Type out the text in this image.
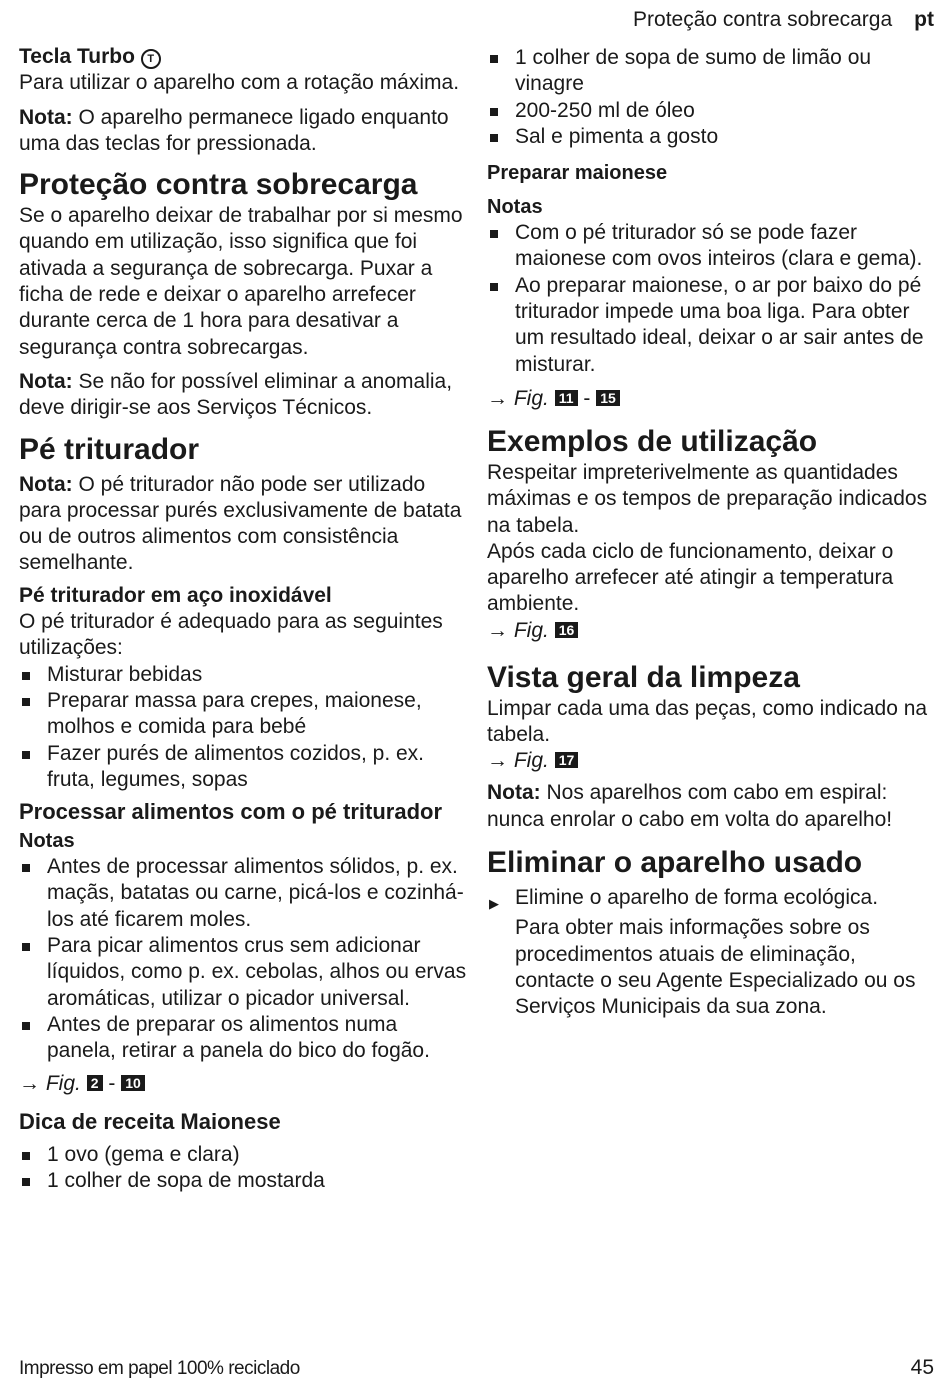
Proteção contra sobrecarga pt
Tecla Turbo T

Para utilizar o aparelho com a rotação máxima.

Nota: O aparelho permanece ligado enquanto uma das teclas for pressionada.

Proteção contra sobrecarga

Se o aparelho deixar de trabalhar por si mesmo quando em utilização, isso significa que foi ativada a segurança de sobrecarga. Puxar a ficha de rede e deixar o aparelho arrefecer durante cerca de 1 hora para desativar a segurança contra sobrecargas.

Nota: Se não for possível eliminar a anomalia, deve dirigir-se aos Serviços Técnicos.

Pé triturador

Nota: O pé triturador não pode ser utilizado para processar purés exclusivamente de batata ou de outros alimentos com consistência semelhante.

Pé triturador em aço inoxidável

O pé triturador é adequado para as seguintes utilizações:

Misturar bebidas
Preparar massa para crepes, maionese, molhos e comida para bebé
Fazer purés de alimentos cozidos, p. ex. fruta, legumes, sopas
Processar alimentos com o pé triturador
Notas
Antes de processar alimentos sólidos, p. ex. maçãs, batatas ou carne, picá-los e cozinhá-los até ficarem moles.
Para picar alimentos crus sem adicionar líquidos, como p. ex. cebolas, alhos ou ervas aromáticas, utilizar o picador universal.
Antes de preparar os alimentos numa panela, retirar a panela do bico do fogão.

→ Fig. 2 - 10

Dica de receita Maionese
1 ovo (gema e clara)
1 colher de sopa de mostarda
1 colher de sopa de sumo de limão ou vinagre
200-250 ml de óleo
Sal e pimenta a gosto
Preparar maionese
Notas
Com o pé triturador só se pode fazer maionese com ovos inteiros (clara e gema).
Ao preparar maionese, o ar por baixo do pé triturador impede uma boa liga. Para obter um resultado ideal, deixar o ar sair antes de misturar.

→ Fig. 11 - 15

Exemplos de utilização

Respeitar impreterivelmente as quantidades máximas e os tempos de preparação indicados na tabela.

Após cada ciclo de funcionamento, deixar o aparelho arrefecer até atingir a temperatura ambiente.

→ Fig. 16

Vista geral da limpeza

Limpar cada uma das peças, como indicado na tabela.

→ Fig. 17

Nota: Nos aparelhos com cabo em espiral: nunca enrolar o cabo em volta do aparelho!

Eliminar o aparelho usado
▶ Elimine o aparelho de forma ecológica.

Para obter mais informações sobre os procedimentos atuais de eliminação, contacte o seu Agente Especializado ou os Serviços Municipais da sua zona.

Impresso em papel 100% reciclado	45
